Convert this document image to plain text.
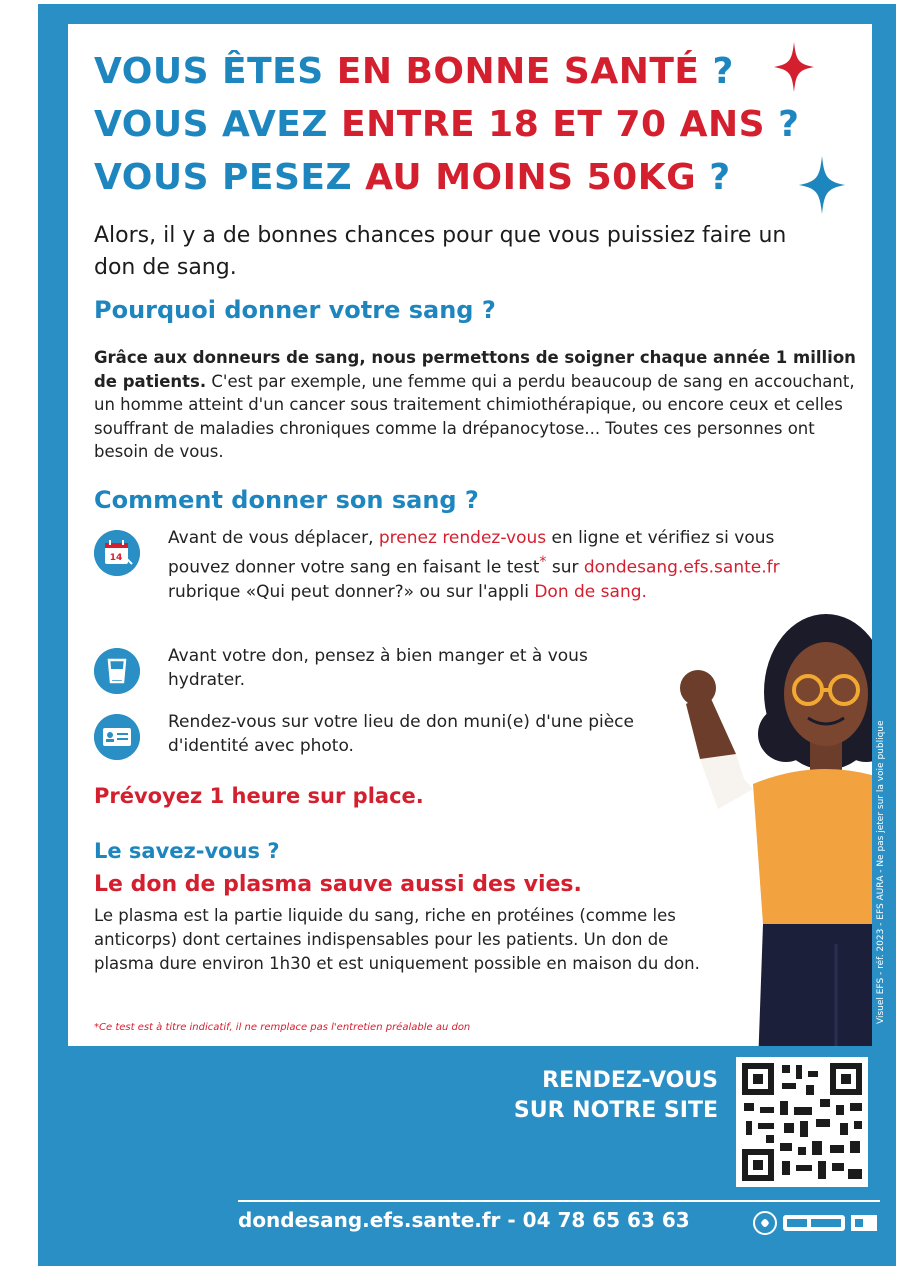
VOUS ÊTES EN BONNE SANTÉ ?
VOUS AVEZ ENTRE 18 ET 70 ANS ?
VOUS PESEZ AU MOINS 50KG ?
Alors, il y a de bonnes chances pour que vous puissiez faire un don de sang.
Pourquoi donner votre sang ?
Grâce aux donneurs de sang, nous permettons de soigner chaque année 1 million de patients. C'est par exemple, une femme qui a perdu beaucoup de sang en accouchant, un homme atteint d'un cancer sous traitement chimiothérapique, ou encore ceux et celles souffrant de maladies chroniques comme la drépanocytose... Toutes ces personnes ont besoin de vous.
Comment donner son sang ?
14
Avant de vous déplacer, prenez rendez-vous en ligne et vérifiez si vous pouvez donner votre sang en faisant le test* sur dondesang.efs.sante.fr rubrique «Qui peut donner?» ou sur l'appli Don de sang.
Avant votre don, pensez à bien manger et à vous hydrater.
Rendez-vous sur votre lieu de don muni(e) d'une pièce d'identité avec photo.
Prévoyez 1 heure sur place.
Le savez-vous ?
Le don de plasma sauve aussi des vies.
Le plasma est la partie liquide du sang, riche en protéines (comme les anticorps) dont certaines indispensables pour les patients. Un don de plasma dure environ 1h30 et est uniquement possible en maison du don.
*Ce test est à titre indicatif, il ne remplace pas l'entretien préalable au don
Visuel EFS - réf. 2023 - EFS AURA - Ne pas jeter sur la voie publique
RENDEZ-VOUS
SUR NOTRE SITE
dondesang.efs.sante.fr - 04 78 65 63 63
